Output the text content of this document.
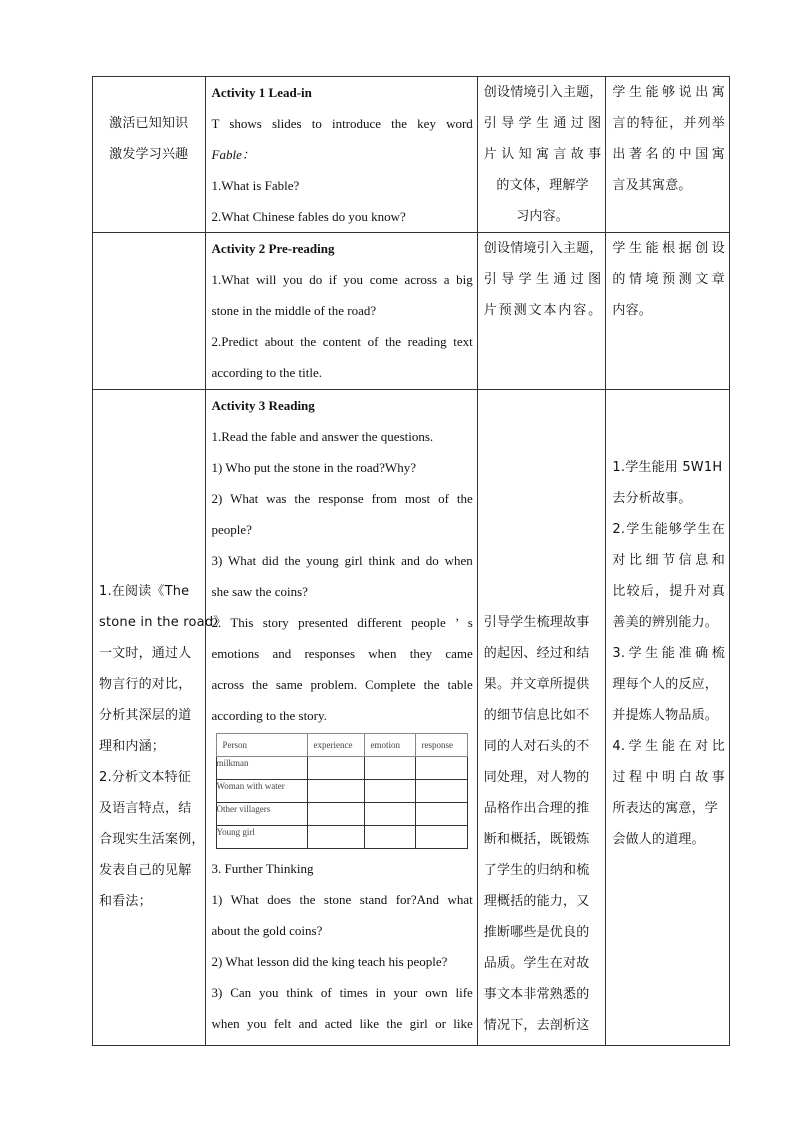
激活已知知识
激发学习兴趣

Activity 1 Lead-in
T shows slides to introduce the key word
Fable：
1.What is Fable?
2.What Chinese fables do you know?

创设情境引入主题，
引导学生通过图
片认知寓言故事
的文体，理解学
习内容。

学生能够说出寓
言的特征，并列举
出著名的中国寓
言及其寓意。

Activity 2 Pre-reading
1.What will you do if you come across a big
stone in the middle of the road?
2.Predict about the content of the reading text
according to the title.

创设情境引入主题，
引导学生通过图
片预测文本内容。

学生能根据创设
的情境预测文章
内容。

1.在阅读《The
stone in the road》
一文时，通过人
物言行的对比，
分析其深层的道
理和内涵；
2.分析文本特征
及语言特点，结
合现实生活案例，
发表自己的见解
和看法；

Activity 3 Reading
1.Read the fable and answer the questions.
1) Who put the stone in the road?Why?
2) What was the response from most of the
people?
3) What did the young girl think and do when
she saw the coins?
2. This story presented different people ’ s
emotions and responses when they came
across the same problem. Complete the table
according to the story.
Person	experience	emotion	response
milkman			
Woman with water			
Other villagers			
Young girl			
3. Further Thinking
1) What does the stone stand for?And what
about the gold coins?
2) What lesson did the king teach his people?
3) Can you think of times in your own life
when you felt and acted like the girl or like

引导学生梳理故事
的起因、经过和结
果。并文章所提供
的细节信息比如不
同的人对石头的不
同处理，对人物的
品格作出合理的推
断和概括，既锻炼
了学生的归纳和梳
理概括的能力，又
推断哪些是优良的
品质。学生在对故
事文本非常熟悉的
情况下，去剖析这

1.学生能用 5W1H
去分析故事。
2.学生能够学生在
对比细节信息和
比较后，提升对真
善美的辨别能力。
3.学生能准确梳
理每个人的反应，
并提炼人物品质。
4.学生能在对比
过程中明白故事
所表达的寓意，学
会做人的道理。
